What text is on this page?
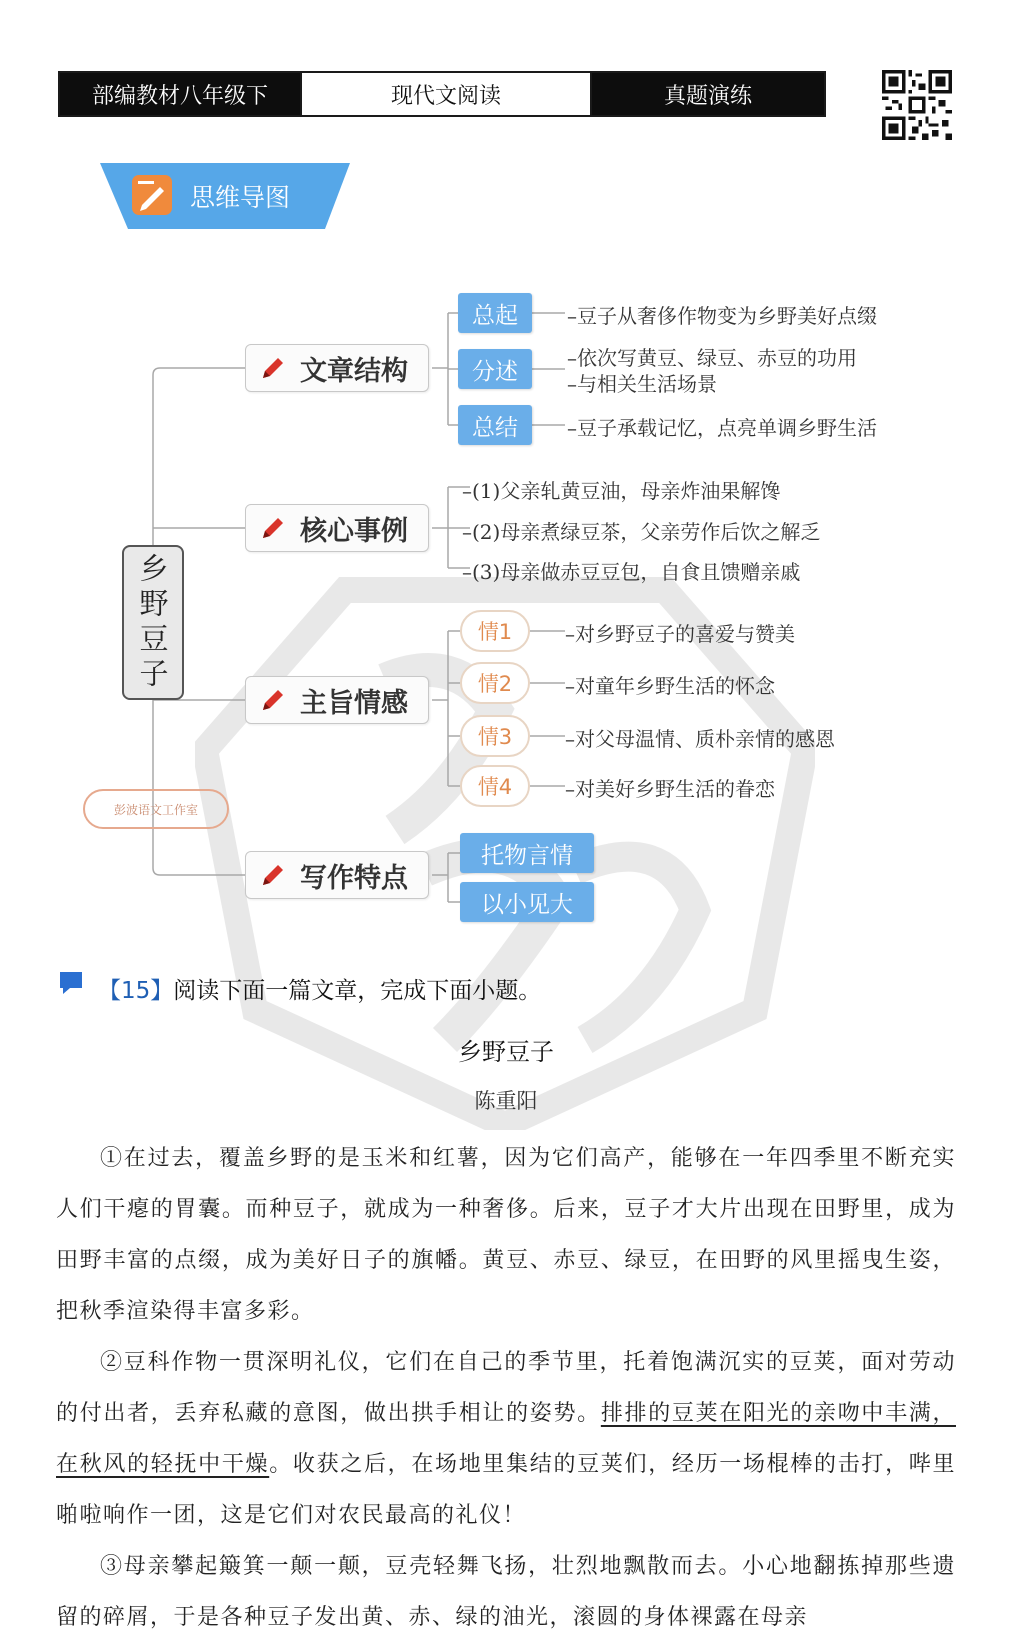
部编教材八年级下	现代文阅读	真题演练
思维导图
乡野豆子
彭波语文工作室
文章结构
总起
分述
总结
–豆子从奢侈作物变为乡野美好点缀
–依次写黄豆、绿豆、赤豆的功用
–与相关生活场景
–豆子承载记忆，点亮单调乡野生活
核心事例
–(1)父亲轧黄豆油，母亲炸油果解馋
–(2)母亲煮绿豆茶，父亲劳作后饮之解乏
–(3)母亲做赤豆豆包，自食且馈赠亲戚
主旨情感
情1
情2
情3
情4
–对乡野豆子的喜爱与赞美
–对童年乡野生活的怀念
–对父母温情、质朴亲情的感恩
–对美好乡野生活的眷恋
写作特点
托物言情
以小见大
【15】阅读下面一篇文章，完成下面小题。
乡野豆子
陈重阳

①在过去，覆盖乡野的是玉米和红薯，因为它们高产，能够在一年四季里不断充实人们干瘪的胃囊。而种豆子，就成为一种奢侈。后来，豆子才大片出现在田野里，成为田野丰富的点缀，成为美好日子的旗幡。黄豆、赤豆、绿豆，在田野的风里摇曳生姿，把秋季渲染得丰富多彩。

②豆科作物一贯深明礼仪，它们在自己的季节里，托着饱满沉实的豆荚，面对劳动的付出者，丢弃私藏的意图，做出拱手相让的姿势。排排的豆荚在阳光的亲吻中丰满，在秋风的轻抚中干燥。收获之后，在场地里集结的豆荚们，经历一场棍棒的击打，哔里啪啦响作一团，这是它们对农民最高的礼仪！

③母亲攀起簸箕一颠一颠，豆壳轻舞飞扬，壮烈地飘散而去。小心地翻拣掉那些遗留的碎屑，于是各种豆子发出黄、赤、绿的油光，滚圆的身体裸露在母亲
